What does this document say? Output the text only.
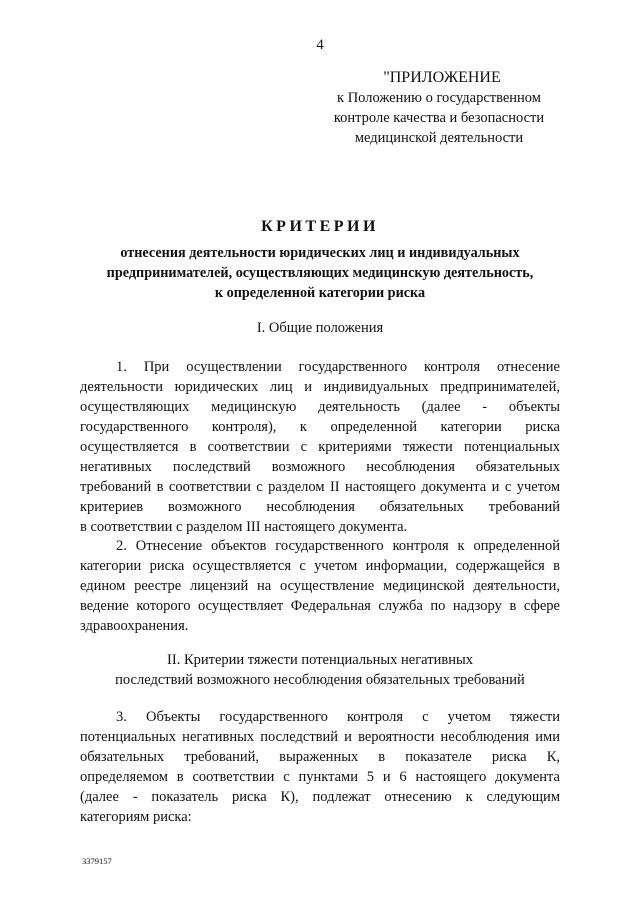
4
"ПРИЛОЖЕНИЕ
к Положению о государственном
контроле качества и безопасности
медицинской деятельности
КРИТЕРИИ
отнесения деятельности юридических лиц и индивидуальных
предпринимателей, осуществляющих медицинскую деятельность,
к определенной категории риска
I. Общие положения
1. При осуществлении государственного контроля отнесение
деятельности юридических лиц и индивидуальных предпринимателей,
осуществляющих медицинскую деятельность (далее - объекты
государственного контроля), к определенной категории риска
осуществляется в соответствии с критериями тяжести потенциальных
негативных последствий возможного несоблюдения обязательных
требований в соответствии с разделом II настоящего документа и с учетом
критериев возможного несоблюдения обязательных требований
в соответствии с разделом III настоящего документа.
2. Отнесение объектов государственного контроля к определенной
категории риска осуществляется с учетом информации, содержащейся в
едином реестре лицензий на осуществление медицинской деятельности,
ведение которого осуществляет Федеральная служба по надзору в сфере
здравоохранения.
II. Критерии тяжести потенциальных негативных
последствий возможного несоблюдения обязательных требований
3. Объекты государственного контроля с учетом тяжести
потенциальных негативных последствий и вероятности несоблюдения ими
обязательных требований, выраженных в показателе риска К,
определяемом в соответствии с пунктами 5 и 6 настоящего документа
(далее - показатель риска К), подлежат отнесению к следующим
категориям риска:
3379157
